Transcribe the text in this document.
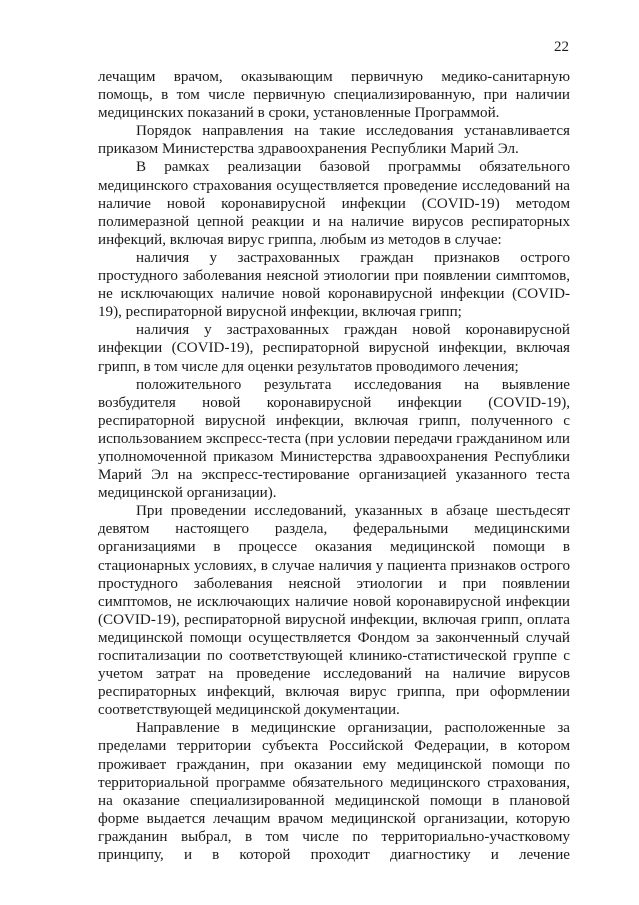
22

лечащим врачом, оказывающим первичную медико-санитарную помощь, в том числе первичную специализированную, при наличии медицинских показаний в сроки, установленные Программой.

Порядок направления на такие исследования устанавливается приказом Министерства здравоохранения Республики Марий Эл.

В рамках реализации базовой программы обязательного медицинского страхования осуществляется проведение исследований на наличие новой коронавирусной инфекции (COVID-19) методом полимеразной цепной реакции и на наличие вирусов респираторных инфекций, включая вирус гриппа, любым из методов в случае:

наличия у застрахованных граждан признаков острого простудного заболевания неясной этиологии при появлении симптомов, не исключающих наличие новой коронавирусной инфекции (COVID-19), респираторной вирусной инфекции, включая грипп;

наличия у застрахованных граждан новой коронавирусной инфекции (COVID-19), респираторной вирусной инфекции, включая грипп, в том числе для оценки результатов проводимого лечения;

положительного результата исследования на выявление возбудителя новой коронавирусной инфекции (COVID-19), респираторной вирусной инфекции, включая грипп, полученного с использованием экспресс-теста (при условии передачи гражданином или уполномоченной приказом Министерства здравоохранения Республики Марий Эл на экспресс-тестирование организацией указанного теста медицинской организации).

При проведении исследований, указанных в абзаце шестьдесят девятом настоящего раздела, федеральными медицинскими организациями в процессе оказания медицинской помощи в стационарных условиях, в случае наличия у пациента признаков острого простудного заболевания неясной этиологии и при появлении симптомов, не исключающих наличие новой коронавирусной инфекции (COVID-19), респираторной вирусной инфекции, включая грипп, оплата медицинской помощи осуществляется Фондом за законченный случай госпитализации по соответствующей клинико-статистической группе с учетом затрат на проведение исследований на наличие вирусов респираторных инфекций, включая вирус гриппа, при оформлении соответствующей медицинской документации.

Направление в медицинские организации, расположенные за пределами территории субъекта Российской Федерации, в котором проживает гражданин, при оказании ему медицинской помощи по территориальной программе обязательного медицинского страхования, на оказание специализированной медицинской помощи в плановой форме выдается лечащим врачом медицинской организации, которую гражданин выбрал, в том числе по территориально-участковому принципу, и в которой проходит диагностику и лечение
